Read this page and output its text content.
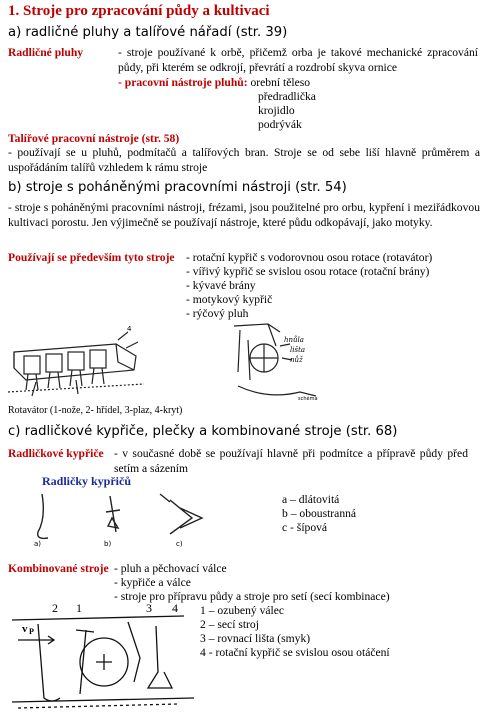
1. Stroje pro zpracování půdy a kultivaci
a) radličné pluhy a talířové nářadí (str. 39)
Radličné pluhy	- stroje používané k orbě, přičemž orba je takové mechanické zpracování půdy, při kterém se odkrojí, převrátí a rozdrobí skyva ornice
- pracovní nástroje pluhů: orební těleso
předradlička
krojidlo
podrývák
Talířové pracovní nástroje (str. 58)
- používají se u pluhů, podmítačů a talířových bran. Stroje se od sebe liší hlavně průměrem a uspořádáním talířů vzhledem k rámu stroje
b) stroje s poháněnými pracovními nástroji (str. 54)
- stroje s poháněnými pracovními nástroji, frézami, jsou použitelné pro orbu, kypření i meziřádkovou kultivaci porostu. Jen výjimečně se používají nástroje, které půdu odkopávají, jako motyky.
Používají se především tyto stroje - rotační kypřič s vodorovnou osou rotace (rotavátor)
- vířivý kypřič se svislou osou rotace (rotační brány)
- kývavé brány
- motykový kypřič
- rýčový pluh
4
Rotavátor (1-nože, 2- hřídel, 3-plaz, 4-kryt)
hnůla
lišta
nůž
schéma
c) radličkové kypřiče, plečky a kombinované stroje (str. 68)
Radličkové kypřiče - v současné době se používají hlavně při podmítce a přípravě půdy před setím a sázením
Radličky kypřičů
a)	b)	c)
a – dlátovitá
b – oboustranná
c - šípová
Kombinované stroje - pluh a pěchovací válce
- kypřiče a válce
- stroje pro přípravu půdy a stroje pro setí (secí kombinace)
v P
2 1	3 4 1 – ozubený válec
2 – secí stroj
3 – rovnací lišta (smyk)
4 - rotační kypřič se svislou osou otáčení
